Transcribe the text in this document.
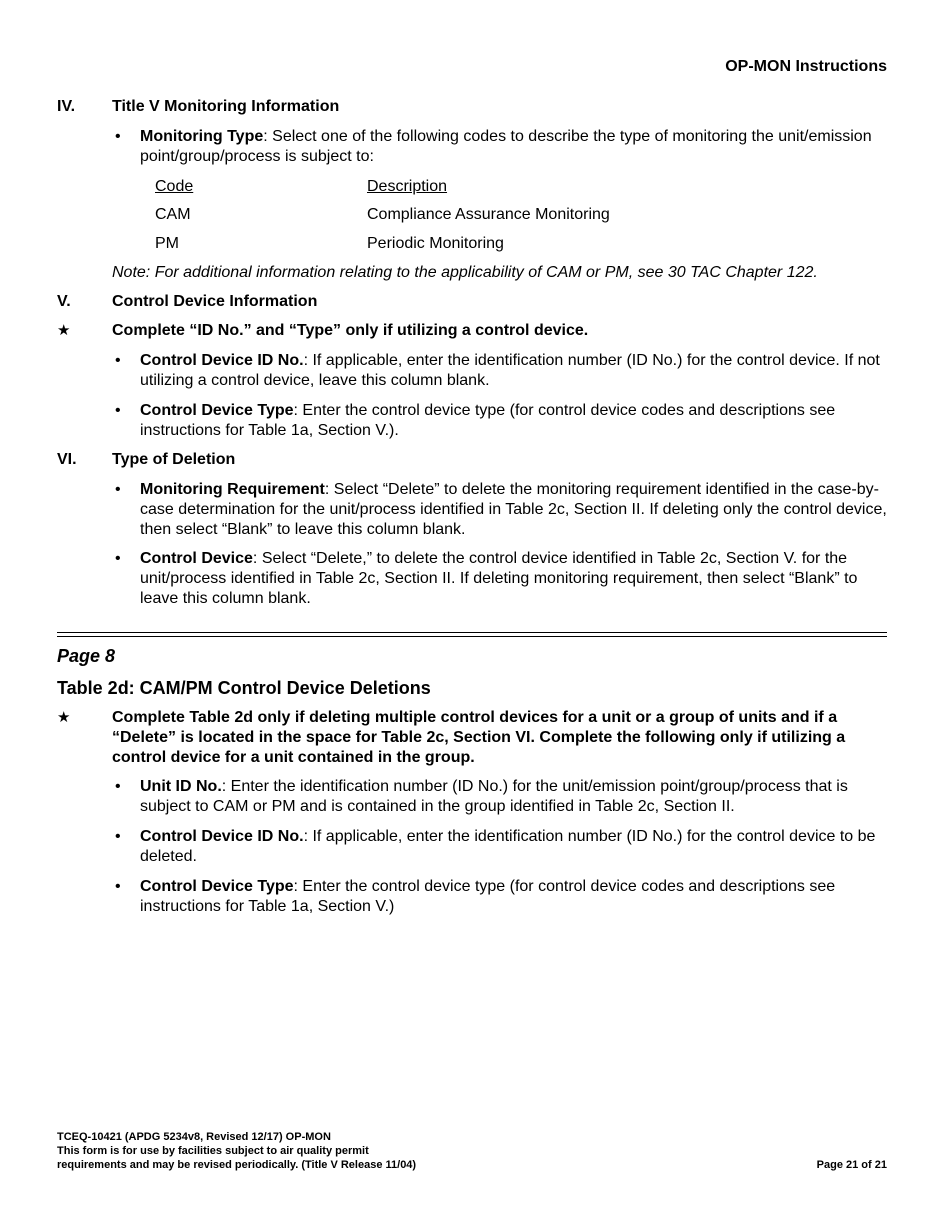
OP-MON Instructions
IV. Title V Monitoring Information
• Monitoring Type: Select one of the following codes to describe the type of monitoring the unit/emission point/group/process is subject to:
Code	Description
CAM	Compliance Assurance Monitoring
PM	Periodic Monitoring
Note: For additional information relating to the applicability of CAM or PM, see 30 TAC Chapter 122.
V.	Control Device Information
★	Complete “ID No.” and “Type” only if utilizing a control device.
• Control Device ID No.: If applicable, enter the identification number (ID No.) for the control device. If not utilizing a control device, leave this column blank.
• Control Device Type: Enter the control device type (for control device codes and descriptions see instructions for Table 1a, Section V.).
VI. Type of Deletion
• Monitoring Requirement: Select “Delete” to delete the monitoring requirement identified in the case-by-case determination for the unit/process identified in Table 2c, Section II. If deleting only the control device, then select “Blank” to leave this column blank.
• Control Device: Select “Delete,” to delete the control device identified in Table 2c, Section V. for the unit/process identified in Table 2c, Section II. If deleting monitoring requirement, then select “Blank” to leave this column blank.
Page 8
Table 2d: CAM/PM Control Device Deletions
★	Complete Table 2d only if deleting multiple control devices for a unit or a group of units and if a “Delete” is located in the space for Table 2c, Section VI. Complete the following only if utilizing a control device for a unit contained in the group.
• Unit ID No.: Enter the identification number (ID No.) for the unit/emission point/group/process that is subject to CAM or PM and is contained in the group identified in Table 2c, Section II.
• Control Device ID No.: If applicable, enter the identification number (ID No.) for the control device to be deleted.
• Control Device Type: Enter the control device type (for control device codes and descriptions see instructions for Table 1a, Section V.)
TCEQ-10421 (APDG 5234v8, Revised 12/17) OP-MON
This form is for use by facilities subject to air quality permit
requirements and may be revised periodically. (Title V Release 11/04)	Page 21 of 21
